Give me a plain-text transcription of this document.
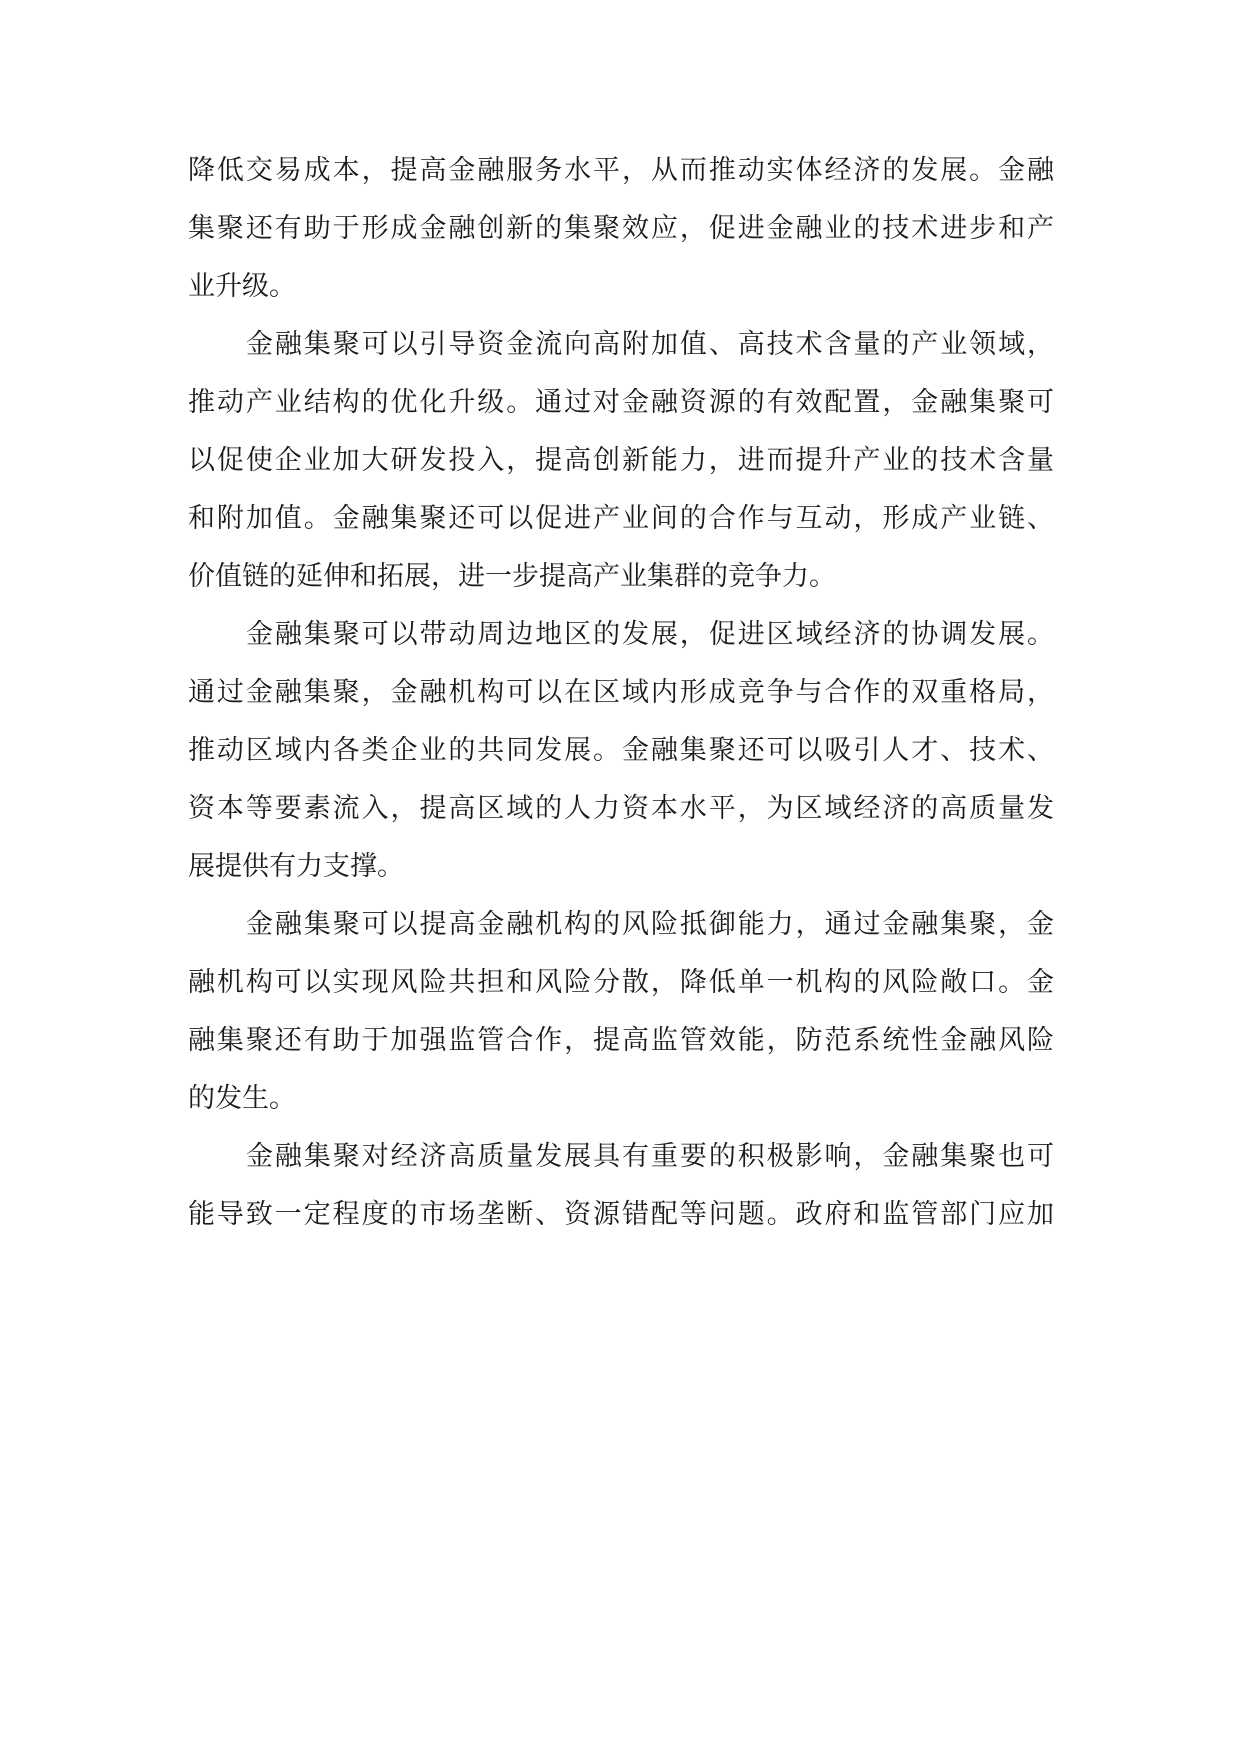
降低交易成本，提高金融服务水平，从而推动实体经济的发展。金融
集聚还有助于形成金融创新的集聚效应，促进金融业的技术进步和产
业升级。
金融集聚可以引导资金流向高附加值、高技术含量的产业领域，
推动产业结构的优化升级。通过对金融资源的有效配置，金融集聚可
以促使企业加大研发投入，提高创新能力，进而提升产业的技术含量
和附加值。金融集聚还可以促进产业间的合作与互动，形成产业链、
价值链的延伸和拓展，进一步提高产业集群的竞争力。
金融集聚可以带动周边地区的发展，促进区域经济的协调发展。
通过金融集聚，金融机构可以在区域内形成竞争与合作的双重格局，
推动区域内各类企业的共同发展。金融集聚还可以吸引人才、技术、
资本等要素流入，提高区域的人力资本水平，为区域经济的高质量发
展提供有力支撑。
金融集聚可以提高金融机构的风险抵御能力，通过金融集聚，金
融机构可以实现风险共担和风险分散，降低单一机构的风险敞口。金
融集聚还有助于加强监管合作，提高监管效能，防范系统性金融风险
的发生。
金融集聚对经济高质量发展具有重要的积极影响，金融集聚也可
能导致一定程度的市场垄断、资源错配等问题。政府和监管部门应加
